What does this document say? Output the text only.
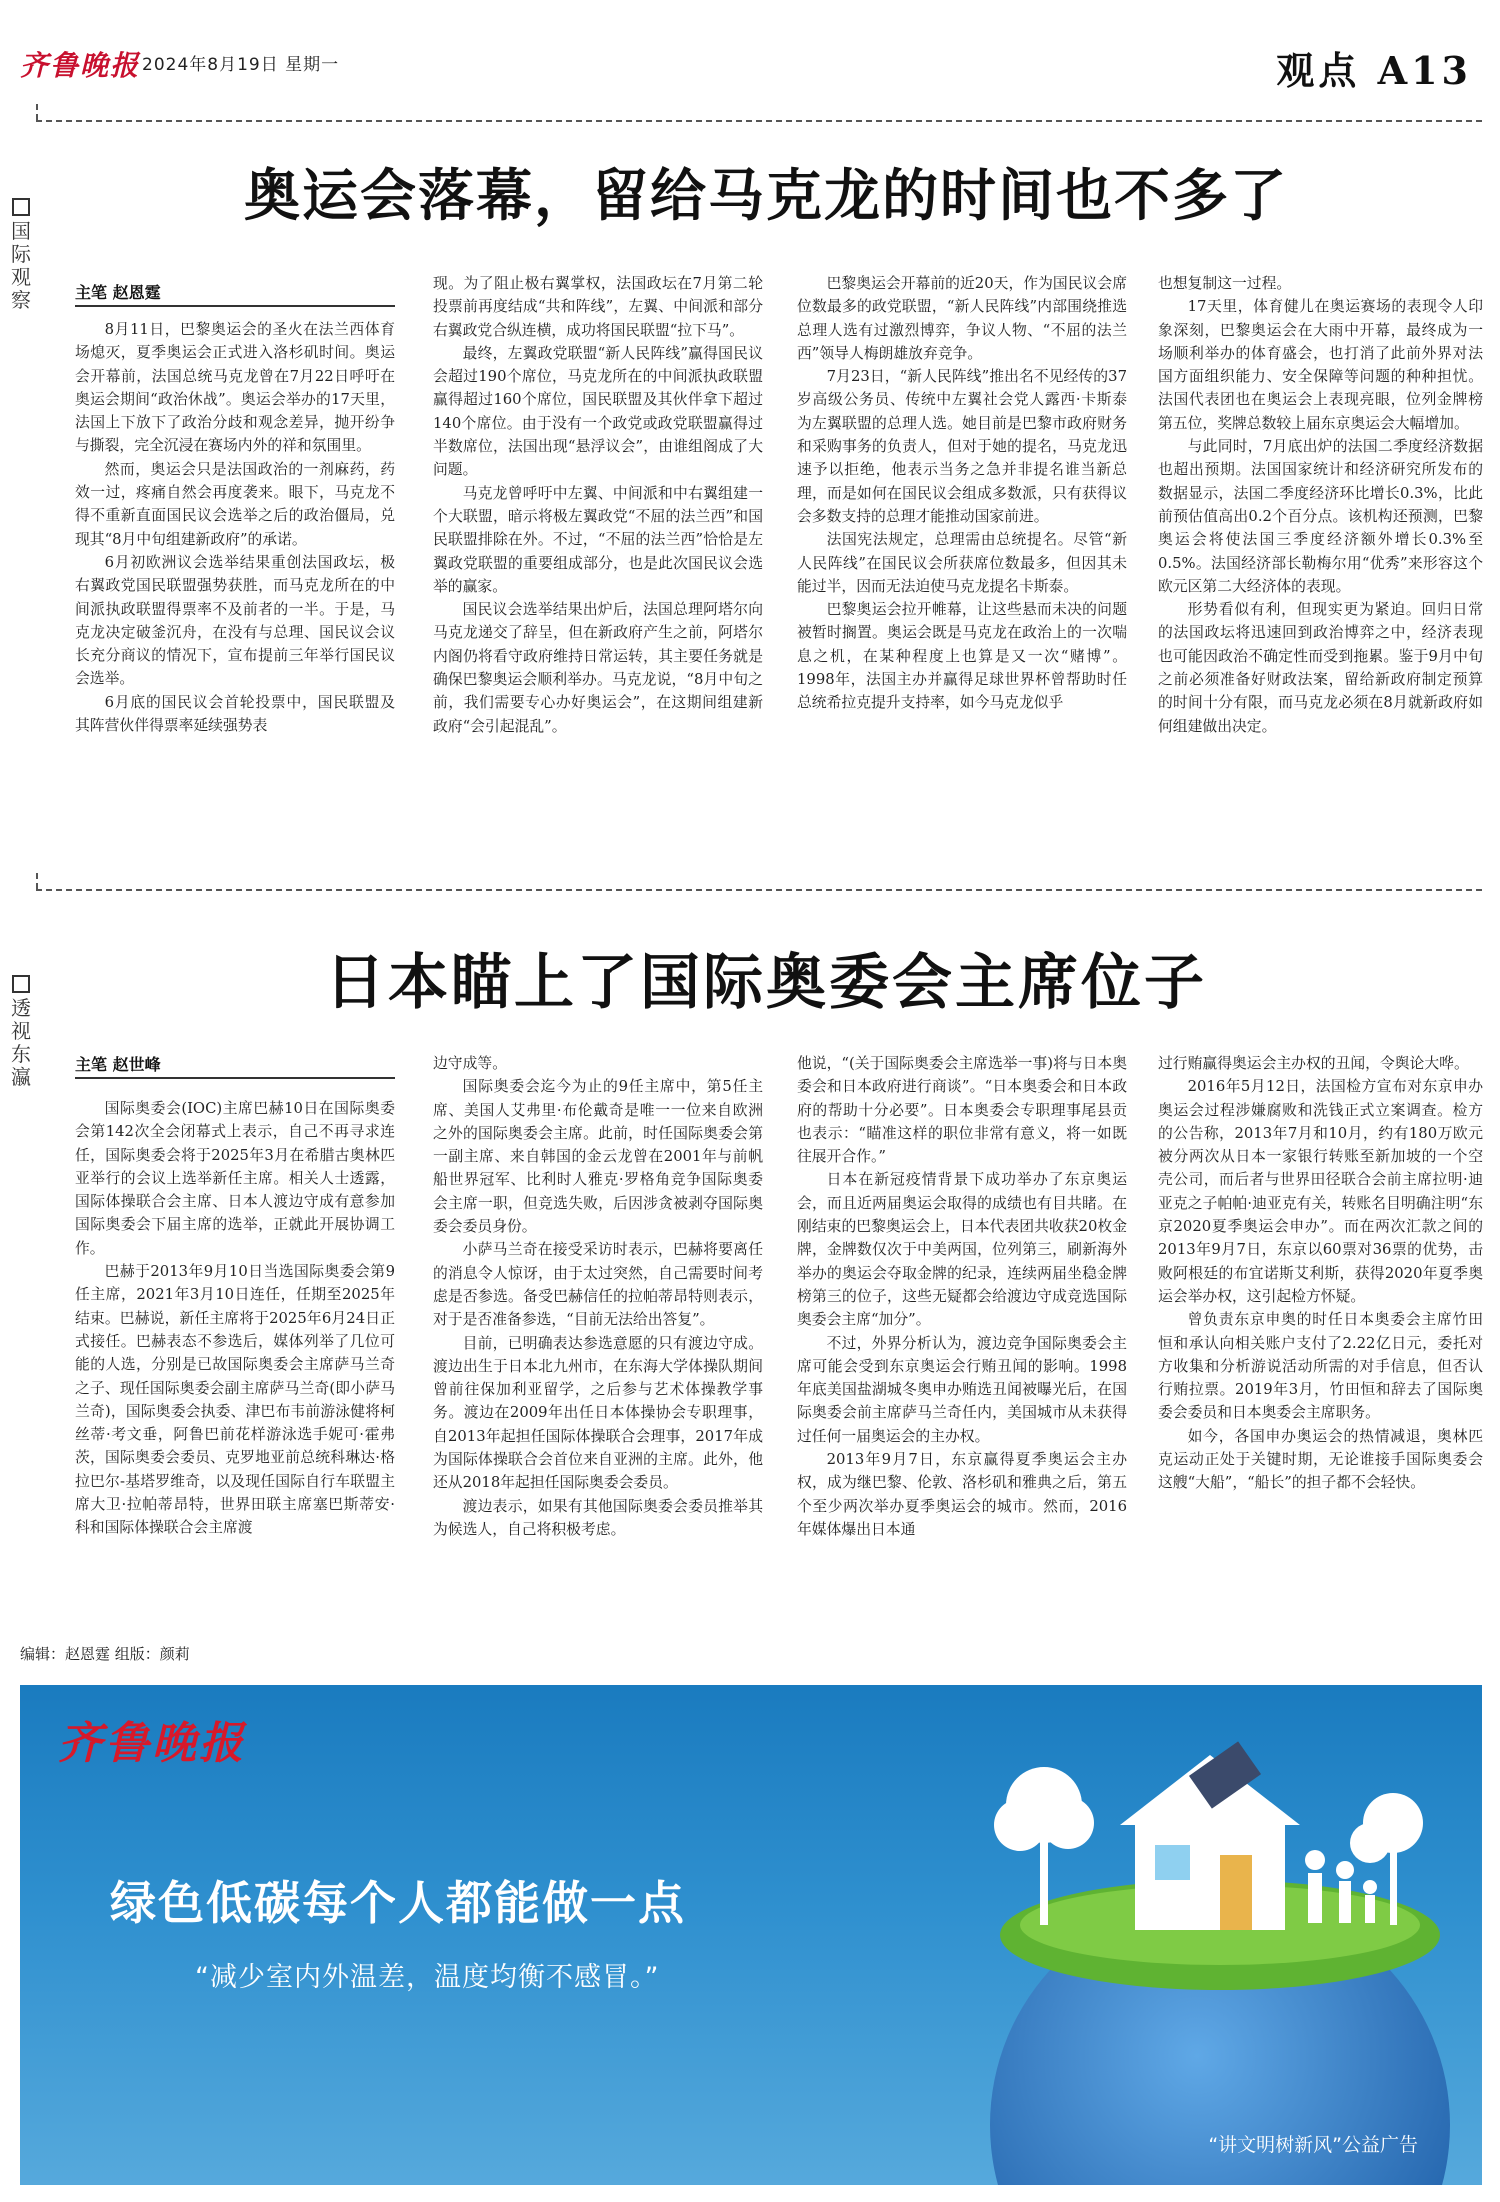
齐鲁晚报 2024年8月19日 星期一	观点 A13
国际观察
奥运会落幕，留给马克龙的时间也不多了
主笔 赵恩霆

8月11日，巴黎奥运会的圣火在法兰西体育场熄灭，夏季奥运会正式进入洛杉矶时间。奥运会开幕前，法国总统马克龙曾在7月22日呼吁在奥运会期间“政治休战”。奥运会举办的17天里，法国上下放下了政治分歧和观念差异，抛开纷争与撕裂，完全沉浸在赛场内外的祥和氛围里。

然而，奥运会只是法国政治的一剂麻药，药效一过，疼痛自然会再度袭来。眼下，马克龙不得不重新直面国民议会选举之后的政治僵局，兑现其“8月中旬组建新政府”的承诺。

6月初欧洲议会选举结果重创法国政坛，极右翼政党国民联盟强势获胜，而马克龙所在的中间派执政联盟得票率不及前者的一半。于是，马克龙决定破釜沉舟，在没有与总理、国民议会议长充分商议的情况下，宣布提前三年举行国民议会选举。

6月底的国民议会首轮投票中，国民联盟及其阵营伙伴得票率延续强势表

现。为了阻止极右翼掌权，法国政坛在7月第二轮投票前再度结成“共和阵线”，左翼、中间派和部分右翼政党合纵连横，成功将国民联盟“拉下马”。

最终，左翼政党联盟“新人民阵线”赢得国民议会超过190个席位，马克龙所在的中间派执政联盟赢得超过160个席位，国民联盟及其伙伴拿下超过140个席位。由于没有一个政党或政党联盟赢得过半数席位，法国出现“悬浮议会”，由谁组阁成了大问题。

马克龙曾呼吁中左翼、中间派和中右翼组建一个大联盟，暗示将极左翼政党“不屈的法兰西”和国民联盟排除在外。不过，“不屈的法兰西”恰恰是左翼政党联盟的重要组成部分，也是此次国民议会选举的赢家。

国民议会选举结果出炉后，法国总理阿塔尔向马克龙递交了辞呈，但在新政府产生之前，阿塔尔内阁仍将看守政府维持日常运转，其主要任务就是确保巴黎奥运会顺利举办。马克龙说，“8月中旬之前，我们需要专心办好奥运会”，在这期间组建新政府“会引起混乱”。

巴黎奥运会开幕前的近20天，作为国民议会席位数最多的政党联盟，“新人民阵线”内部围绕推选总理人选有过激烈博弈，争议人物、“不屈的法兰西”领导人梅朗雄放弃竞争。

7月23日，“新人民阵线”推出名不见经传的37岁高级公务员、传统中左翼社会党人露西·卡斯泰为左翼联盟的总理人选。她目前是巴黎市政府财务和采购事务的负责人，但对于她的提名，马克龙迅速予以拒绝，他表示当务之急并非提名谁当新总理，而是如何在国民议会组成多数派，只有获得议会多数支持的总理才能推动国家前进。

法国宪法规定，总理需由总统提名。尽管“新人民阵线”在国民议会所获席位数最多，但因其未能过半，因而无法迫使马克龙提名卡斯泰。

巴黎奥运会拉开帷幕，让这些悬而未决的问题被暂时搁置。奥运会既是马克龙在政治上的一次喘息之机，在某种程度上也算是又一次“赌博”。1998年，法国主办并赢得足球世界杯曾帮助时任总统希拉克提升支持率，如今马克龙似乎

也想复制这一过程。

17天里，体育健儿在奥运赛场的表现令人印象深刻，巴黎奥运会在大雨中开幕，最终成为一场顺利举办的体育盛会，也打消了此前外界对法国方面组织能力、安全保障等问题的种种担忧。法国代表团也在奥运会上表现亮眼，位列金牌榜第五位，奖牌总数较上届东京奥运会大幅增加。

与此同时，7月底出炉的法国二季度经济数据也超出预期。法国国家统计和经济研究所发布的数据显示，法国二季度经济环比增长0.3%，比此前预估值高出0.2个百分点。该机构还预测，巴黎奥运会将使法国三季度经济额外增长0.3%至0.5%。法国经济部长勒梅尔用“优秀”来形容这个欧元区第二大经济体的表现。

形势看似有利，但现实更为紧迫。回归日常的法国政坛将迅速回到政治博弈之中，经济表现也可能因政治不确定性而受到拖累。鉴于9月中旬之前必须准备好财政法案，留给新政府制定预算的时间十分有限，而马克龙必须在8月就新政府如何组建做出决定。

透视东瀛
日本瞄上了国际奥委会主席位子
主笔 赵世峰

国际奥委会(IOC)主席巴赫10日在国际奥委会第142次全会闭幕式上表示，自己不再寻求连任，国际奥委会将于2025年3月在希腊古奥林匹亚举行的会议上选举新任主席。相关人士透露，国际体操联合会主席、日本人渡边守成有意参加国际奥委会下届主席的选举，正就此开展协调工作。

巴赫于2013年9月10日当选国际奥委会第9任主席，2021年3月10日连任，任期至2025年结束。巴赫说，新任主席将于2025年6月24日正式接任。巴赫表态不参选后，媒体列举了几位可能的人选，分别是已故国际奥委会主席萨马兰奇之子、现任国际奥委会副主席萨马兰奇(即小萨马兰奇)，国际奥委会执委、津巴布韦前游泳健将柯丝蒂·考文垂，阿鲁巴前花样游泳选手妮可·霍弗茨，国际奥委会委员、克罗地亚前总统科琳达·格拉巴尔-基塔罗维奇，以及现任国际自行车联盟主席大卫·拉帕蒂昂特，世界田联主席塞巴斯蒂安·科和国际体操联合会主席渡

边守成等。

国际奥委会迄今为止的9任主席中，第5任主席、美国人艾弗里·布伦戴奇是唯一一位来自欧洲之外的国际奥委会主席。此前，时任国际奥委会第一副主席、来自韩国的金云龙曾在2001年与前帆船世界冠军、比利时人雅克·罗格角竞争国际奥委会主席一职，但竞选失败，后因涉贪被剥夺国际奥委会委员身份。

小萨马兰奇在接受采访时表示，巴赫将要离任的消息令人惊讶，由于太过突然，自己需要时间考虑是否参选。备受巴赫信任的拉帕蒂昂特则表示，对于是否准备参选，“目前无法给出答复”。

目前，已明确表达参选意愿的只有渡边守成。渡边出生于日本北九州市，在东海大学体操队期间曾前往保加利亚留学，之后参与艺术体操教学事务。渡边在2009年出任日本体操协会专职理事，自2013年起担任国际体操联合会理事，2017年成为国际体操联合会首位来自亚洲的主席。此外，他还从2018年起担任国际奥委会委员。

渡边表示，如果有其他国际奥委会委员推举其为候选人，自己将积极考虑。

他说，“(关于国际奥委会主席选举一事)将与日本奥委会和日本政府进行商谈”。“日本奥委会和日本政府的帮助十分必要”。日本奥委会专职理事尾县贡也表示：“瞄准这样的职位非常有意义，将一如既往展开合作。”

日本在新冠疫情背景下成功举办了东京奥运会，而且近两届奥运会取得的成绩也有目共睹。在刚结束的巴黎奥运会上，日本代表团共收获20枚金牌，金牌数仅次于中美两国，位列第三，刷新海外举办的奥运会夺取金牌的纪录，连续两届坐稳金牌榜第三的位子，这些无疑都会给渡边守成竞选国际奥委会主席“加分”。

不过，外界分析认为，渡边竞争国际奥委会主席可能会受到东京奥运会行贿丑闻的影响。1998年底美国盐湖城冬奥申办贿选丑闻被曝光后，在国际奥委会前主席萨马兰奇任内，美国城市从未获得过任何一届奥运会的主办权。

2013年9月7日，东京赢得夏季奥运会主办权，成为继巴黎、伦敦、洛杉矶和雅典之后，第五个至少两次举办夏季奥运会的城市。然而，2016年媒体爆出日本通

过行贿赢得奥运会主办权的丑闻，令舆论大哗。

2016年5月12日，法国检方宣布对东京申办奥运会过程涉嫌腐败和洗钱正式立案调查。检方的公告称，2013年7月和10月，约有180万欧元被分两次从日本一家银行转账至新加坡的一个空壳公司，而后者与世界田径联合会前主席拉明·迪亚克之子帕帕·迪亚克有关，转账名目明确注明“东京2020夏季奥运会申办”。而在两次汇款之间的2013年9月7日，东京以60票对36票的优势，击败阿根廷的布宜诺斯艾利斯，获得2020年夏季奥运会举办权，这引起检方怀疑。

曾负责东京申奥的时任日本奥委会主席竹田恒和承认向相关账户支付了2.22亿日元，委托对方收集和分析游说活动所需的对手信息，但否认行贿拉票。2019年3月，竹田恒和辞去了国际奥委会委员和日本奥委会主席职务。

如今，各国申办奥运会的热情减退，奥林匹克运动正处于关键时期，无论谁接手国际奥委会这艘“大船”，“船长”的担子都不会轻快。

编辑：赵恩霆 组版：颜莉
齐鲁晚报
绿色低碳每个人都能做一点
“减少室内外温差，温度均衡不感冒。”
“讲文明树新风”公益广告
